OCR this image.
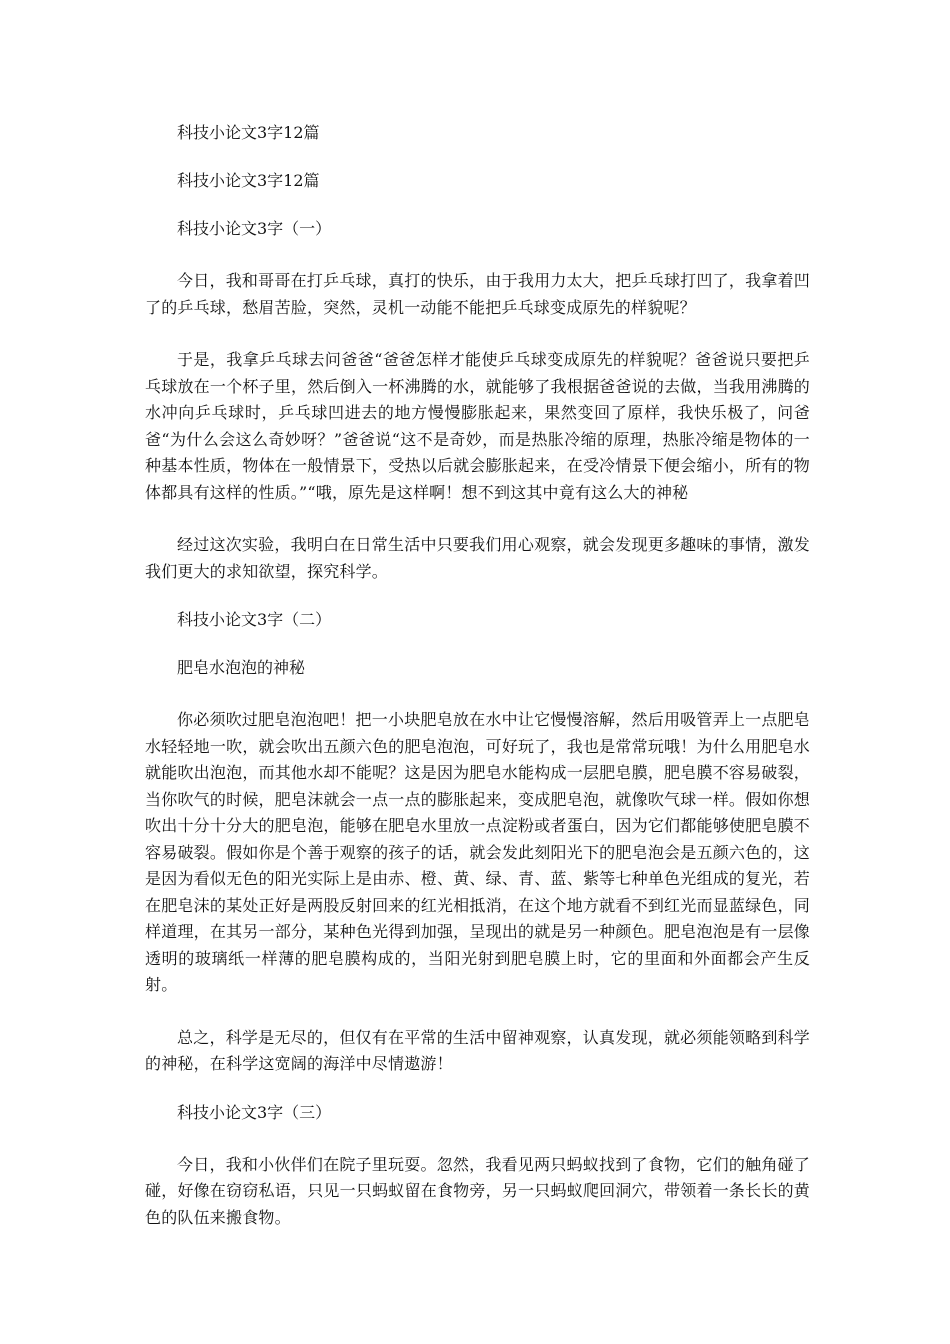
科技小论文3字12篇

科技小论文3字12篇

科技小论文3字（一）

今日，我和哥哥在打乒乓球，真打的快乐，由于我用力太大，把乒乓球打凹了，我拿着凹了的乒乓球，愁眉苦脸，突然，灵机一动能不能把乒乓球变成原先的样貌呢？

于是，我拿乒乓球去问爸爸“爸爸怎样才能使乒乓球变成原先的样貌呢？爸爸说只要把乒乓球放在一个杯子里，然后倒入一杯沸腾的水，就能够了我根据爸爸说的去做，当我用沸腾的水冲向乒乓球时，乒乓球凹进去的地方慢慢膨胀起来，果然变回了原样，我快乐极了，问爸爸“为什么会这么奇妙呀？”爸爸说“这不是奇妙，而是热胀冷缩的原理，热胀冷缩是物体的一种基本性质，物体在一般情景下，受热以后就会膨胀起来，在受冷情景下便会缩小，所有的物体都具有这样的性质。”“哦，原先是这样啊！想不到这其中竟有这么大的神秘

经过这次实验，我明白在日常生活中只要我们用心观察，就会发现更多趣味的事情，激发我们更大的求知欲望，探究科学。

科技小论文3字（二）

肥皂水泡泡的神秘

你必须吹过肥皂泡泡吧！把一小块肥皂放在水中让它慢慢溶解，然后用吸管弄上一点肥皂水轻轻地一吹，就会吹出五颜六色的肥皂泡泡，可好玩了，我也是常常玩哦！为什么用肥皂水就能吹出泡泡，而其他水却不能呢？这是因为肥皂水能构成一层肥皂膜，肥皂膜不容易破裂，当你吹气的时候，肥皂沫就会一点一点的膨胀起来，变成肥皂泡，就像吹气球一样。假如你想吹出十分十分大的肥皂泡，能够在肥皂水里放一点淀粉或者蛋白，因为它们都能够使肥皂膜不容易破裂。假如你是个善于观察的孩子的话，就会发此刻阳光下的肥皂泡会是五颜六色的，这是因为看似无色的阳光实际上是由赤、橙、黄、绿、青、蓝、紫等七种单色光组成的复光，若在肥皂沫的某处正好是两股反射回来的红光相抵消，在这个地方就看不到红光而显蓝绿色，同样道理，在其另一部分，某种色光得到加强，呈现出的就是另一种颜色。肥皂泡泡是有一层像透明的玻璃纸一样薄的肥皂膜构成的，当阳光射到肥皂膜上时，它的里面和外面都会产生反射。

总之，科学是无尽的，但仅有在平常的生活中留神观察，认真发现，就必须能领略到科学的神秘，在科学这宽阔的海洋中尽情遨游！

科技小论文3字（三）

今日，我和小伙伴们在院子里玩耍。忽然，我看见两只蚂蚁找到了食物，它们的触角碰了碰，好像在窃窃私语，只见一只蚂蚁留在食物旁，另一只蚂蚁爬回洞穴，带领着一条长长的黄色的队伍来搬食物。
